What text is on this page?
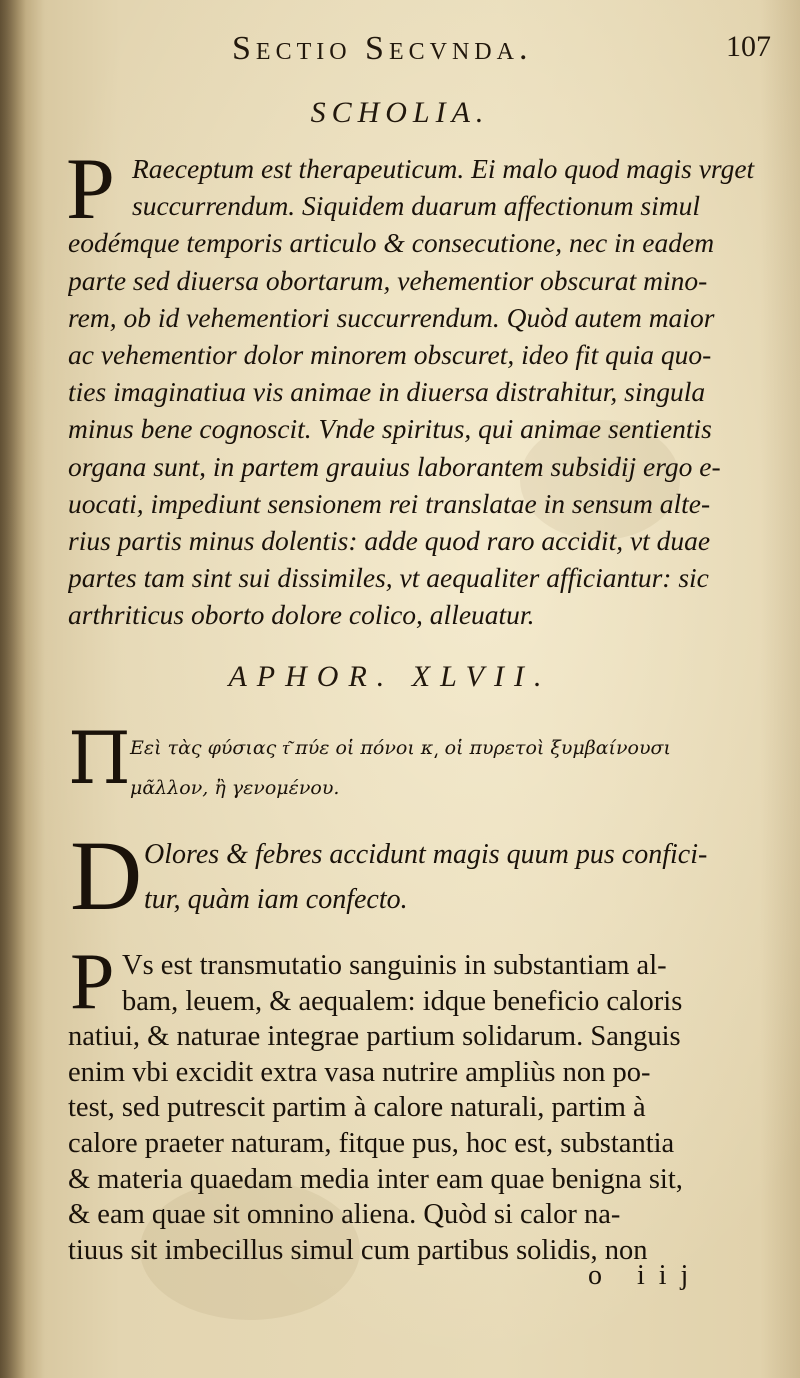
Sectio Secvnda.	107
SCHOLIA.
P Raeceptum est therapeuticum. Ei malo quod magis vrget
succurrendum. Siquidem duarum affectionum simul
eodémque temporis articulo & consecutione, nec in eadem
parte sed diuersa obortarum, vehementior obscurat mino-
rem, ob id vehementiori succurrendum. Quòd autem maior
ac vehementior dolor minorem obscuret, ideo fit quia quo-
ties imaginatiua vis animae in diuersa distrahitur, singula
minus bene cognoscit. Vnde spiritus, qui animae sentientis
organa sunt, in partem grauius laborantem subsidij ergo e-
uocati, impediunt sensionem rei translatae in sensum alte-
rius partis minus dolentis: adde quod raro accidit, vt duae
partes tam sint sui dissimiles, vt aequaliter afficiantur: sic
arthriticus oborto dolore colico, alleuatur.
APHOR. XLVII.
Π Εεὶ τὰς φύσιας τ͂ πύε οἱ πόνοι κ͵ οἱ πυρετοὶ ξυμβαίνουσι
μᾶλλον, ἢ γενομένου.
D Olores & febres accidunt magis quum pus confici-
tur, quàm iam confecto.
P Vs est transmutatio sanguinis in substantiam al-
bam, leuem, & aequalem: idque beneficio caloris
natiui, & naturae integrae partium solidarum. Sanguis
enim vbi excidit extra vasa nutrire ampliùs non po-
test, sed putrescit partim à calore naturali, partim à
calore praeter naturam, fitque pus, hoc est, substantia
& materia quaedam media inter eam quae benigna sit,
& eam quae sit omnino aliena. Quòd si calor na-
tiuus sit imbecillus simul cum partibus solidis, non
o iij
